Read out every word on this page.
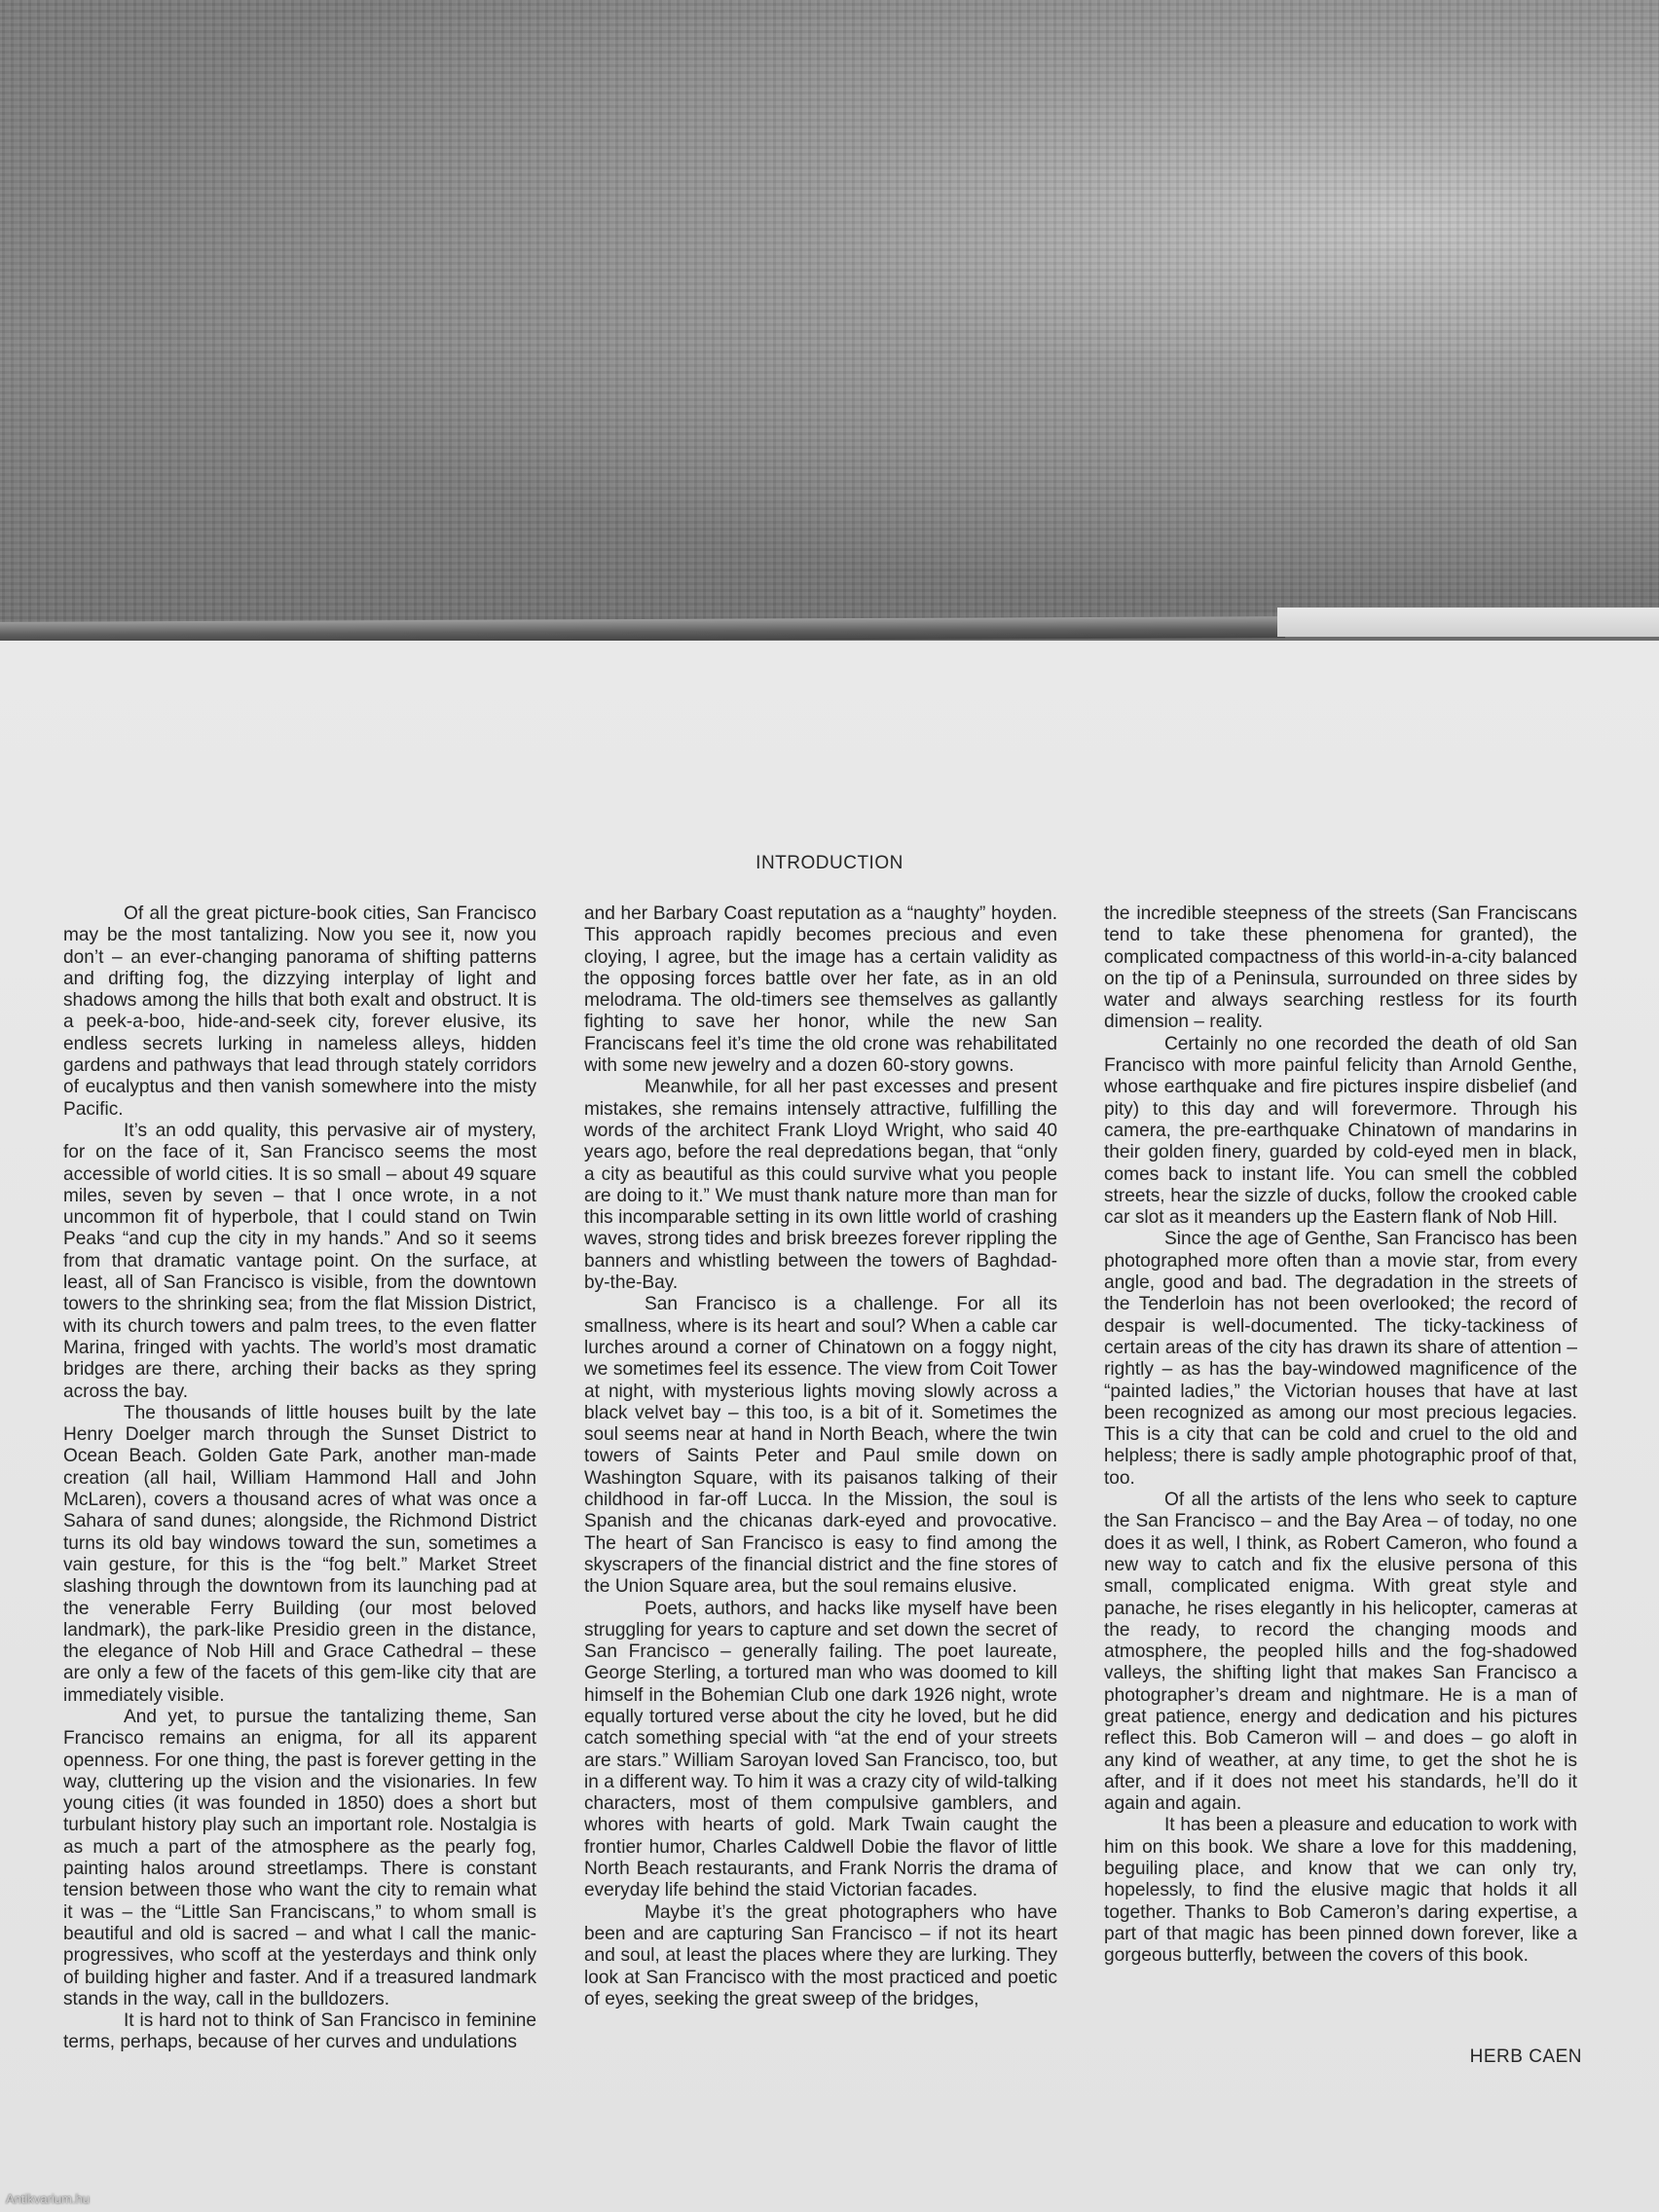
INTRODUCTION

Of all the great picture-book cities, San Francisco may be the most tantalizing. Now you see it, now you don’t – an ever-changing panorama of shifting patterns and drifting fog, the dizzying interplay of light and shadows among the hills that both exalt and obstruct. It is a peek-a-boo, hide-and-seek city, forever elusive, its endless secrets lurking in nameless alleys, hidden gardens and pathways that lead through stately corridors of eucalyptus and then vanish somewhere into the misty Pacific.

It’s an odd quality, this pervasive air of mystery, for on the face of it, San Francisco seems the most accessible of world cities. It is so small – about 49 square miles, seven by seven – that I once wrote, in a not uncommon fit of hyperbole, that I could stand on Twin Peaks “and cup the city in my hands.” And so it seems from that dramatic vantage point. On the surface, at least, all of San Francisco is visible, from the downtown towers to the shrinking sea; from the flat Mission District, with its church towers and palm trees, to the even flatter Marina, fringed with yachts. The world’s most dramatic bridges are there, arching their backs as they spring across the bay.

The thousands of little houses built by the late Henry Doelger march through the Sunset District to Ocean Beach. Golden Gate Park, another man-made creation (all hail, William Hammond Hall and John McLaren), covers a thousand acres of what was once a Sahara of sand dunes; alongside, the Richmond District turns its old bay windows toward the sun, sometimes a vain gesture, for this is the “fog belt.” Market Street slashing through the downtown from its launching pad at the venerable Ferry Building (our most beloved landmark), the park-like Presidio green in the distance, the elegance of Nob Hill and Grace Cathedral – these are only a few of the facets of this gem-like city that are immediately visible.

And yet, to pursue the tantalizing theme, San Francisco remains an enigma, for all its apparent openness. For one thing, the past is forever getting in the way, cluttering up the vision and the visionaries. In few young cities (it was founded in 1850) does a short but turbulant history play such an important role. Nostalgia is as much a part of the atmosphere as the pearly fog, painting halos around streetlamps. There is constant tension between those who want the city to remain what it was – the “Little San Franciscans,” to whom small is beautiful and old is sacred – and what I call the manic-progressives, who scoff at the yesterdays and think only of building higher and faster. And if a treasured landmark stands in the way, call in the bulldozers.

It is hard not to think of San Francisco in feminine terms, perhaps, because of her curves and undulations

and her Barbary Coast reputation as a “naughty” hoyden. This approach rapidly becomes precious and even cloying, I agree, but the image has a certain validity as the opposing forces battle over her fate, as in an old melodrama. The old-timers see themselves as gallantly fighting to save her honor, while the new San Franciscans feel it’s time the old crone was rehabilitated with some new jewelry and a dozen 60-story gowns.

Meanwhile, for all her past excesses and present mistakes, she remains intensely attractive, fulfilling the words of the architect Frank Lloyd Wright, who said 40 years ago, before the real depredations began, that “only a city as beautiful as this could survive what you people are doing to it.” We must thank nature more than man for this incomparable setting in its own little world of crashing waves, strong tides and brisk breezes forever rippling the banners and whistling between the towers of Baghdad-by-the-Bay.

San Francisco is a challenge. For all its smallness, where is its heart and soul? When a cable car lurches around a corner of Chinatown on a foggy night, we sometimes feel its essence. The view from Coit Tower at night, with mysterious lights moving slowly across a black velvet bay – this too, is a bit of it. Sometimes the soul seems near at hand in North Beach, where the twin towers of Saints Peter and Paul smile down on Washington Square, with its paisanos talking of their childhood in far-off Lucca. In the Mission, the soul is Spanish and the chicanas dark-eyed and provocative. The heart of San Francisco is easy to find among the skyscrapers of the financial district and the fine stores of the Union Square area, but the soul remains elusive.

Poets, authors, and hacks like myself have been struggling for years to capture and set down the secret of San Francisco – generally failing. The poet laureate, George Sterling, a tortured man who was doomed to kill himself in the Bohemian Club one dark 1926 night, wrote equally tortured verse about the city he loved, but he did catch something special with “at the end of your streets are stars.” William Saroyan loved San Francisco, too, but in a different way. To him it was a crazy city of wild-talking characters, most of them compulsive gamblers, and whores with hearts of gold. Mark Twain caught the frontier humor, Charles Caldwell Dobie the flavor of little North Beach restaurants, and Frank Norris the drama of everyday life behind the staid Victorian facades.

Maybe it’s the great photographers who have been and are capturing San Francisco – if not its heart and soul, at least the places where they are lurking. They look at San Francisco with the most practiced and poetic of eyes, seeking the great sweep of the bridges,

the incredible steepness of the streets (San Franciscans tend to take these phenomena for granted), the complicated compactness of this world-in-a-city balanced on the tip of a Peninsula, surrounded on three sides by water and always searching restless for its fourth dimension – reality.

Certainly no one recorded the death of old San Francisco with more painful felicity than Arnold Genthe, whose earthquake and fire pictures inspire disbelief (and pity) to this day and will forevermore. Through his camera, the pre-earthquake Chinatown of mandarins in their golden finery, guarded by cold-eyed men in black, comes back to instant life. You can smell the cobbled streets, hear the sizzle of ducks, follow the crooked cable car slot as it meanders up the Eastern flank of Nob Hill.

Since the age of Genthe, San Francisco has been photographed more often than a movie star, from every angle, good and bad. The degradation in the streets of the Tenderloin has not been overlooked; the record of despair is well-documented. The ticky-tackiness of certain areas of the city has drawn its share of attention – rightly – as has the bay-windowed magnificence of the “painted ladies,” the Victorian houses that have at last been recognized as among our most precious legacies. This is a city that can be cold and cruel to the old and helpless; there is sadly ample photographic proof of that, too.

Of all the artists of the lens who seek to capture the San Francisco – and the Bay Area – of today, no one does it as well, I think, as Robert Cameron, who found a new way to catch and fix the elusive persona of this small, complicated enigma. With great style and panache, he rises elegantly in his helicopter, cameras at the ready, to record the changing moods and atmosphere, the peopled hills and the fog-shadowed valleys, the shifting light that makes San Francisco a photographer’s dream and nightmare. He is a man of great patience, energy and dedication and his pictures reflect this. Bob Cameron will – and does – go aloft in any kind of weather, at any time, to get the shot he is after, and if it does not meet his standards, he’ll do it again and again.

It has been a pleasure and education to work with him on this book. We share a love for this maddening, beguiling place, and know that we can only try, hopelessly, to find the elusive magic that holds it all together. Thanks to Bob Cameron’s daring expertise, a part of that magic has been pinned down forever, like a gorgeous butterfly, between the covers of this book.

HERB CAEN
Antikvarium.hu
